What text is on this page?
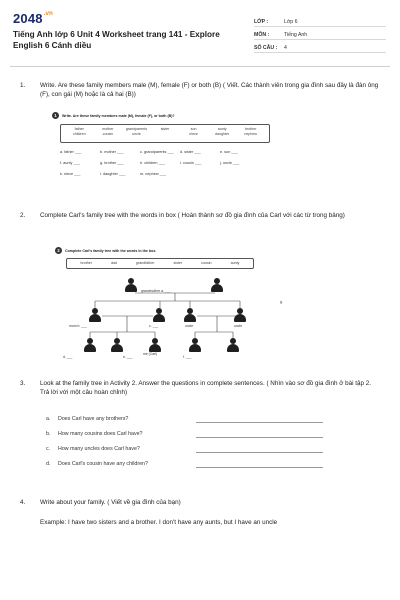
$2048^{.vn}$
Tiếng Anh lớp 6 Unit 4 Worksheet trang 141 - Explore English 6 Cánh diều
LỚP :	Lớp 6
MÔN :	Tiếng Anh
SỐ CÂU :	4
1. Write. Are these family members male (M), female (F) or both (B) ( Viết. Các thành viên trong gia đình sau đây là đàn ông (F), con gái (M) hoặc là cả hai (B))
1	Write. Are these family members male (M), female (F), or both (B)?
father	mother	grandparents	sister	son	aunty	brother
children	cousin	uncle	niece	daughter	nephew
a. father ___	b. mother ___	c. grandparents ___	d. sister ___	e. son ___
f. aunty ___	g. brother ___	h. children ___	i. cousin ___	j. uncle ___
k. niece ___	l. daughter ___	m. nephew ___
2. Complete Carl's family tree with the words in box ( Hoàn thành sơ đồ gia đình của Carl với các từ trong bảng)
2	Complete Carl's family tree with the words in the box.
brother	dad	grandfather	sister	cousin	aunty
grandmother a. ___
g.
mom b. ___	c. ___	uncle	uncle
d. ___	e. ___
me (Carl)
f. ___
3. Look at the family tree in Activity 2. Answer the questions in complete sentences. ( Nhìn vào sơ đồ gia đình ở bài tập 2. Trả lời với một câu hoàn chỉnh)
a. Does Carl have any brothers?
b. How many cousins does Carl have?
c. How many uncles does Carl have?
d. Does Carl's cousin have any children?
4. Write about your family. ( Viết về gia đình của bạn)
Example: I have two sisters and a brother. I don't have any aunts, but I have an uncle
